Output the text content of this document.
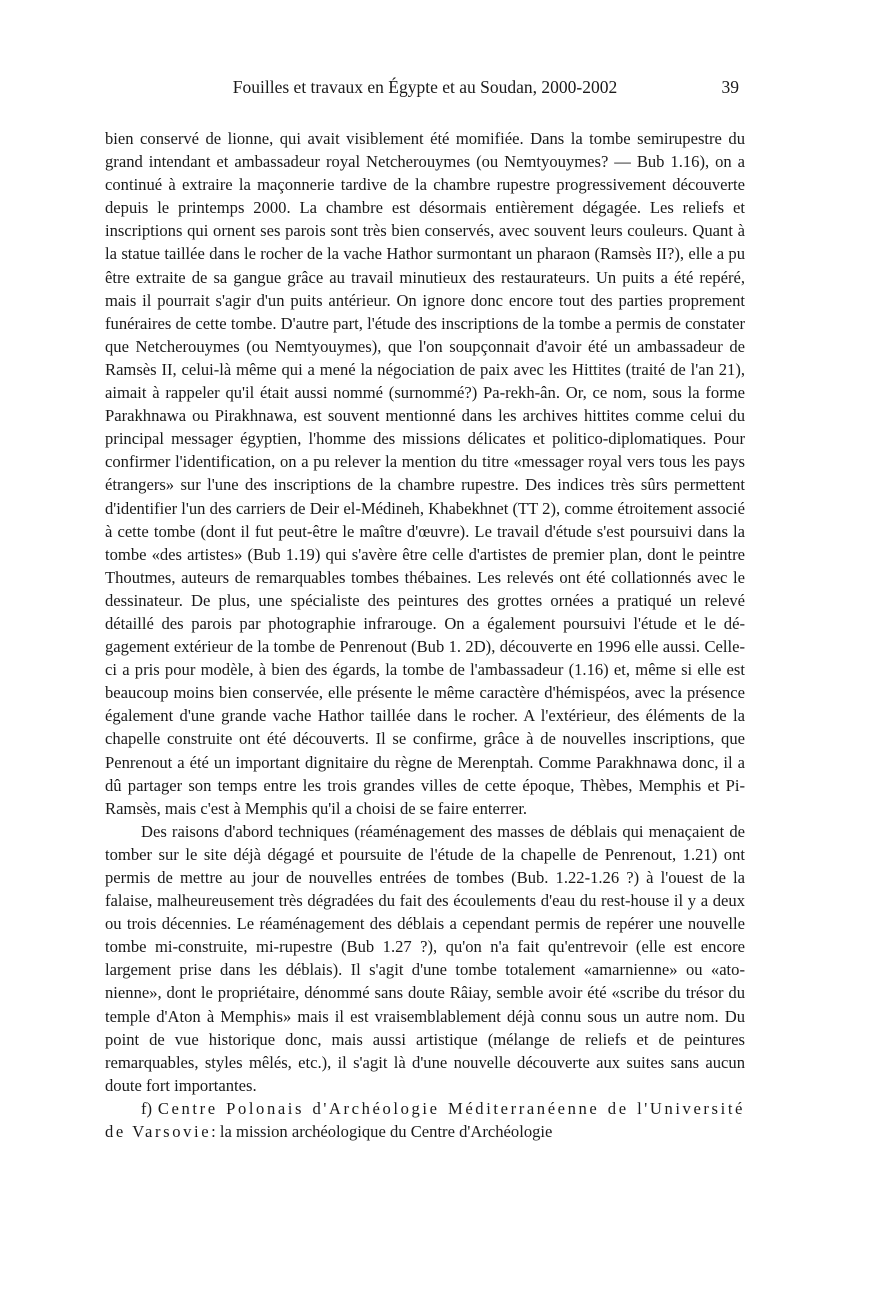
Fouilles et travaux en Égypte et au Soudan, 2000-2002	39

bien conservé de lionne, qui avait visiblement été momifiée. Dans la tombe semirupestre du grand intendant et ambassadeur royal Netcherouymes (ou Nemtyouymes? — Bub 1.16), on a continué à extraire la maçonnerie tardive de la chambre rupestre progressivement découverte depuis le printemps 2000. La chambre est désormais entièrement dégagée. Les reliefs et inscriptions qui ornent ses parois sont très bien conservés, avec souvent leurs couleurs. Quant à la statue taillée dans le rocher de la vache Hathor surmontant un pharaon (Ramsès II?), elle a pu être extraite de sa gangue grâce au travail minutieux des restaurateurs. Un puits a été repéré, mais il pourrait s'agir d'un puits antérieur. On ignore donc encore tout des parties proprement funéraires de cette tombe. D'autre part, l'étude des inscriptions de la tombe a permis de constater que Netcherouymes (ou Nemtyouymes), que l'on soupçonnait d'avoir été un ambassadeur de Ramsès II, celui-là même qui a mené la négociation de paix avec les Hittites (traité de l'an 21), aimait à rappeler qu'il était aussi nommé (surnommé?) Pa-rekh-ân. Or, ce nom, sous la forme Parakhnawa ou Pirakhnawa, est souvent mentionné dans les archives hittites comme celui du principal messager égyptien, l'homme des missions délicates et politico-diplomatiques. Pour confirmer l'identification, on a pu relever la mention du titre «messager royal vers tous les pays étrangers» sur l'une des inscriptions de la chambre rupestre. Des indices très sûrs permettent d'identifier l'un des carriers de Deir el-Médineh, Khabekhnet (TT 2), comme étroitement associé à cette tombe (dont il fut peut-être le maître d'œuvre). Le travail d'étude s'est poursuivi dans la tombe «des artistes» (Bub 1.19) qui s'avère être celle d'artistes de premier plan, dont le peintre Thoutmes, auteurs de remarquables tombes thébaines. Les relevés ont été collationnés avec le dessinateur. De plus, une spécialiste des peintures des grottes ornées a pratiqué un relevé détaillé des parois par photographie infrarouge. On a également poursuivi l'étude et le dégagement extérieur de la tombe de Penrenout (Bub 1. 2D), découverte en 1996 elle aussi. Celle-ci a pris pour modèle, à bien des égards, la tombe de l'ambassadeur (1.16) et, même si elle est beaucoup moins bien conservée, elle présente le même caractère d'hémispéos, avec la présence également d'une grande vache Hathor taillée dans le rocher. A l'extérieur, des éléments de la chapelle construite ont été découverts. Il se confirme, grâce à de nouvelles inscriptions, que Penrenout a été un important dignitaire du règne de Merenptah. Comme Parakhnawa donc, il a dû partager son temps entre les trois grandes villes de cette époque, Thèbes, Memphis et Pi-Ramsès, mais c'est à Memphis qu'il a choisi de se faire enterrer.

Des raisons d'abord techniques (réaménagement des masses de déblais qui menaçaient de tomber sur le site déjà dégagé et poursuite de l'étude de la chapelle de Penrenout, 1.21) ont permis de mettre au jour de nouvelles entrées de tombes (Bub. 1.22-1.26 ?) à l'ouest de la falaise, malheureusement très dégradées du fait des écoulements d'eau du rest-house il y a deux ou trois décennies. Le réaménagement des déblais a cependant permis de repérer une nouvelle tombe mi-construite, mi-rupestre (Bub 1.27 ?), qu'on n'a fait qu'entrevoir (elle est encore largement prise dans les déblais). Il s'agit d'une tombe totalement «amarnienne» ou «atonienne», dont le propriétaire, dénommé sans doute Râiay, semble avoir été «scribe du trésor du temple d'Aton à Memphis» mais il est vraisemblablement déjà connu sous un autre nom. Du point de vue historique donc, mais aussi artistique (mélange de reliefs et de peintures remarquables, styles mêlés, etc.), il s'agit là d'une nouvelle découverte aux suites sans aucun doute fort importantes.

f) Centre Polonais d'Archéologie Méditerranéenne de l'Université de Varsovie: la mission archéologique du Centre d'Archéologie
